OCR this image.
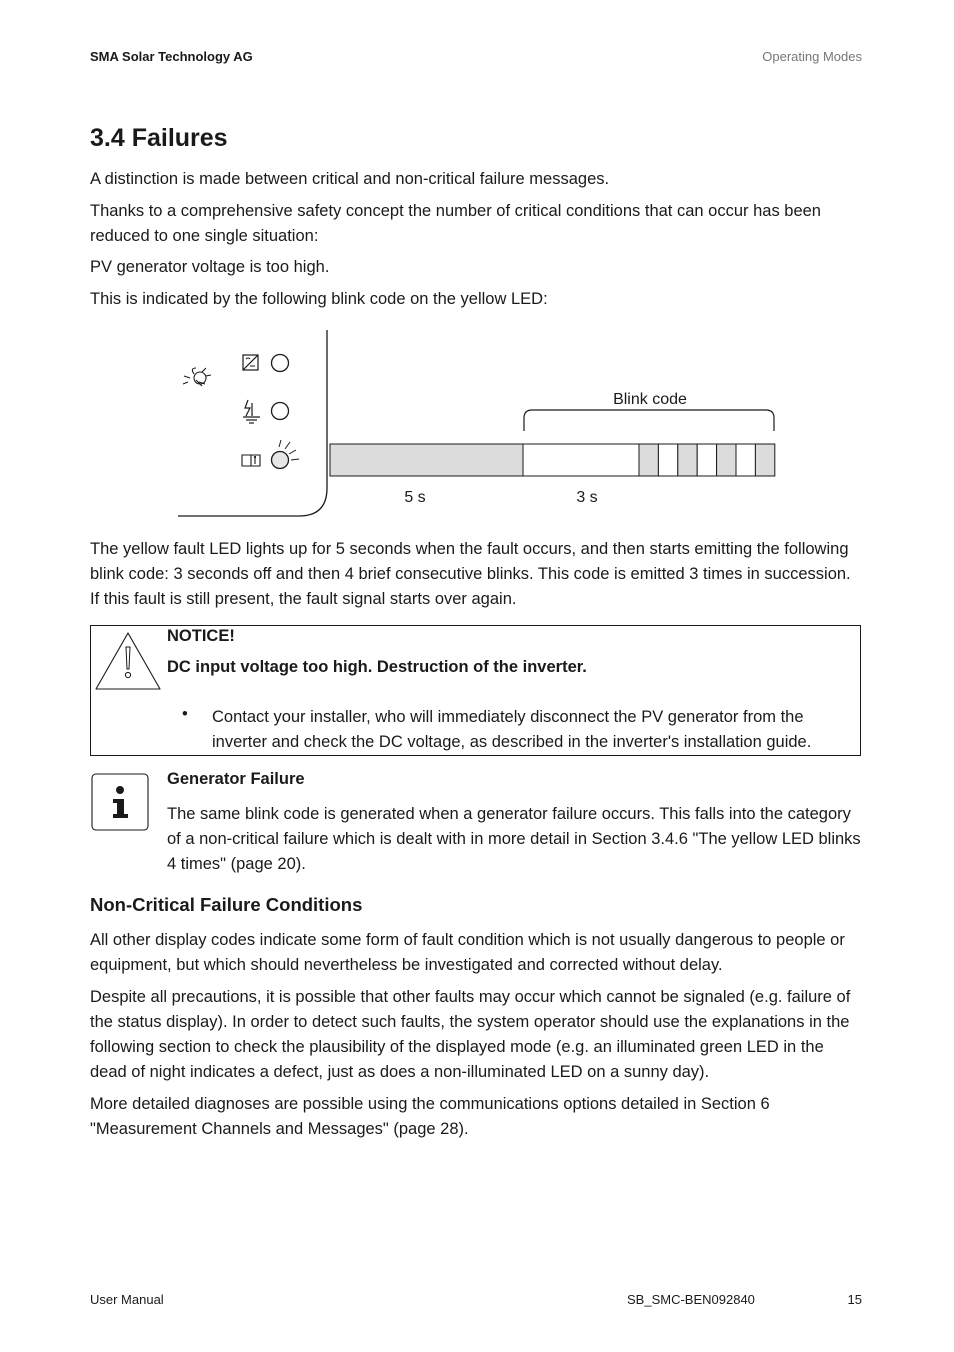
SMA Solar Technology AG	Operating Modes
3.4 Failures

A distinction is made between critical and non-critical failure messages.

Thanks to a comprehensive safety concept the number of critical conditions that can occur has been reduced to one single situation:

PV generator voltage is too high.

This is indicated by the following blink code on the yellow LED:

Blink code
5 s	3 s

The yellow fault LED lights up for 5 seconds when the fault occurs, and then starts emitting the following blink code: 3 seconds off and then 4 brief consecutive blinks. This code is emitted 3 times in succession. If this fault is still present, the fault signal starts over again.

NOTICE!
DC input voltage too high. Destruction of the inverter.
• Contact your installer, who will immediately disconnect the PV generator from the inverter and check the DC voltage, as described in the inverter's installation guide.
Generator Failure
The same blink code is generated when a generator failure occurs. This falls into the category of a non-critical failure which is dealt with in more detail in Section 3.4.6 "The yellow LED blinks 4 times" (page 20).
Non-Critical Failure Conditions

All other display codes indicate some form of fault condition which is not usually dangerous to people or equipment, but which should nevertheless be investigated and corrected without delay.

Despite all precautions, it is possible that other faults may occur which cannot be signaled (e.g. failure of the status display). In order to detect such faults, the system operator should use the explanations in the following section to check the plausibility of the displayed mode (e.g. an illuminated green LED in the dead of night indicates a defect, just as does a non-illuminated LED on a sunny day).

More detailed diagnoses are possible using the communications options detailed in Section 6 "Measurement Channels and Messages" (page 28).

User Manual	SB_SMC-BEN092840	15
